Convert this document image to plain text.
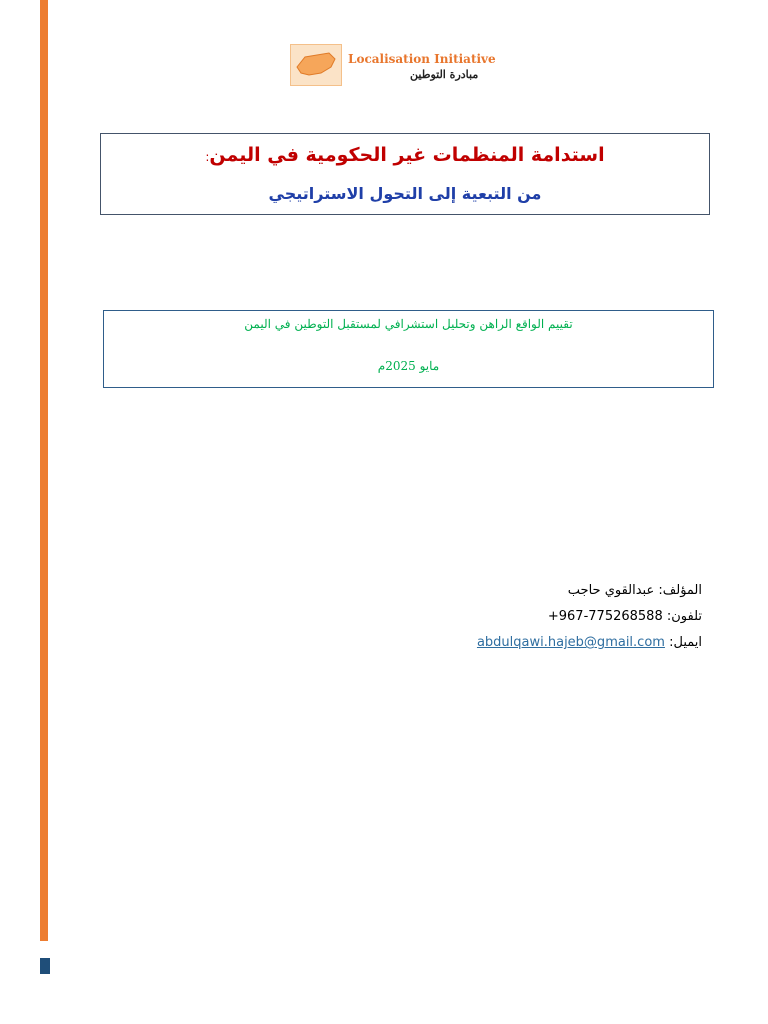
Localisation Initiative
مبادرة التوطين
استدامة المنظمات غير الحكومية في اليمن:
من التبعية إلى التحول الاستراتيجي
تقييم الواقع الراهن وتحليل استشرافي لمستقبل التوطين في اليمن
مايو 2025م
المؤلف: عبدالقوي حاجب
تلفون: +967-775268588
ايميل: abdulqawi.hajeb@gmail.com
